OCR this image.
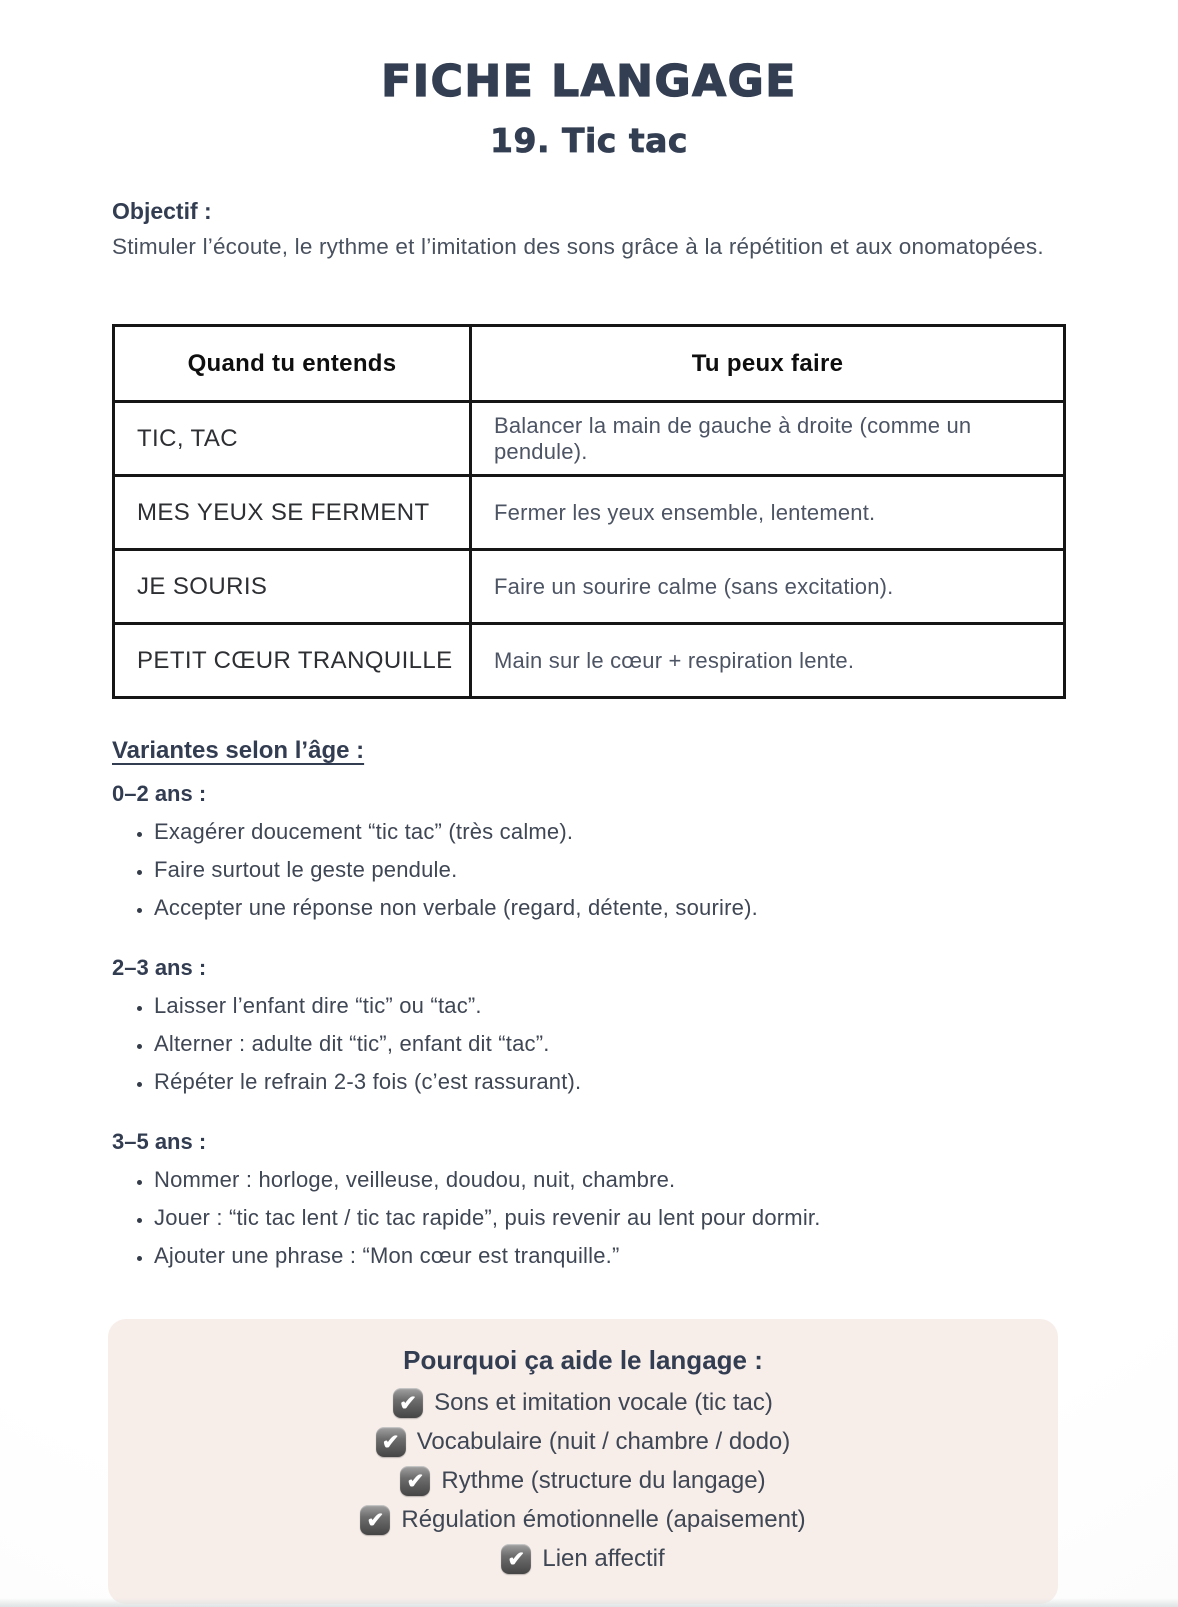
FICHE LANGAGE
19. Tic tac
Objectif :
Stimuler l’écoute, le rythme et l’imitation des sons grâce à la répétition et aux onomatopées.
Quand tu entends	Tu peux faire
TIC, TAC	Balancer la main de gauche à droite (comme un pendule).
MES YEUX SE FERMENT	Fermer les yeux ensemble, lentement.
JE SOURIS	Faire un sourire calme (sans excitation).
PETIT CŒUR TRANQUILLE	Main sur le cœur + respiration lente.
Variantes selon l’âge :
0–2 ans :
• Exagérer doucement “tic tac” (très calme).
• Faire surtout le geste pendule.
• Accepter une réponse non verbale (regard, détente, sourire).
2–3 ans :
• Laisser l’enfant dire “tic” ou “tac”.
• Alterner : adulte dit “tic”, enfant dit “tac”.
• Répéter le refrain 2-3 fois (c’est rassurant).
3–5 ans :
• Nommer : horloge, veilleuse, doudou, nuit, chambre.
• Jouer : “tic tac lent / tic tac rapide”, puis revenir au lent pour dormir.
• Ajouter une phrase : “Mon cœur est tranquille.”
Pourquoi ça aide le langage :
✔ Sons et imitation vocale (tic tac)
✔ Vocabulaire (nuit / chambre / dodo)
✔ Rythme (structure du langage)
✔ Régulation émotionnelle (apaisement)
✔ Lien affectif
